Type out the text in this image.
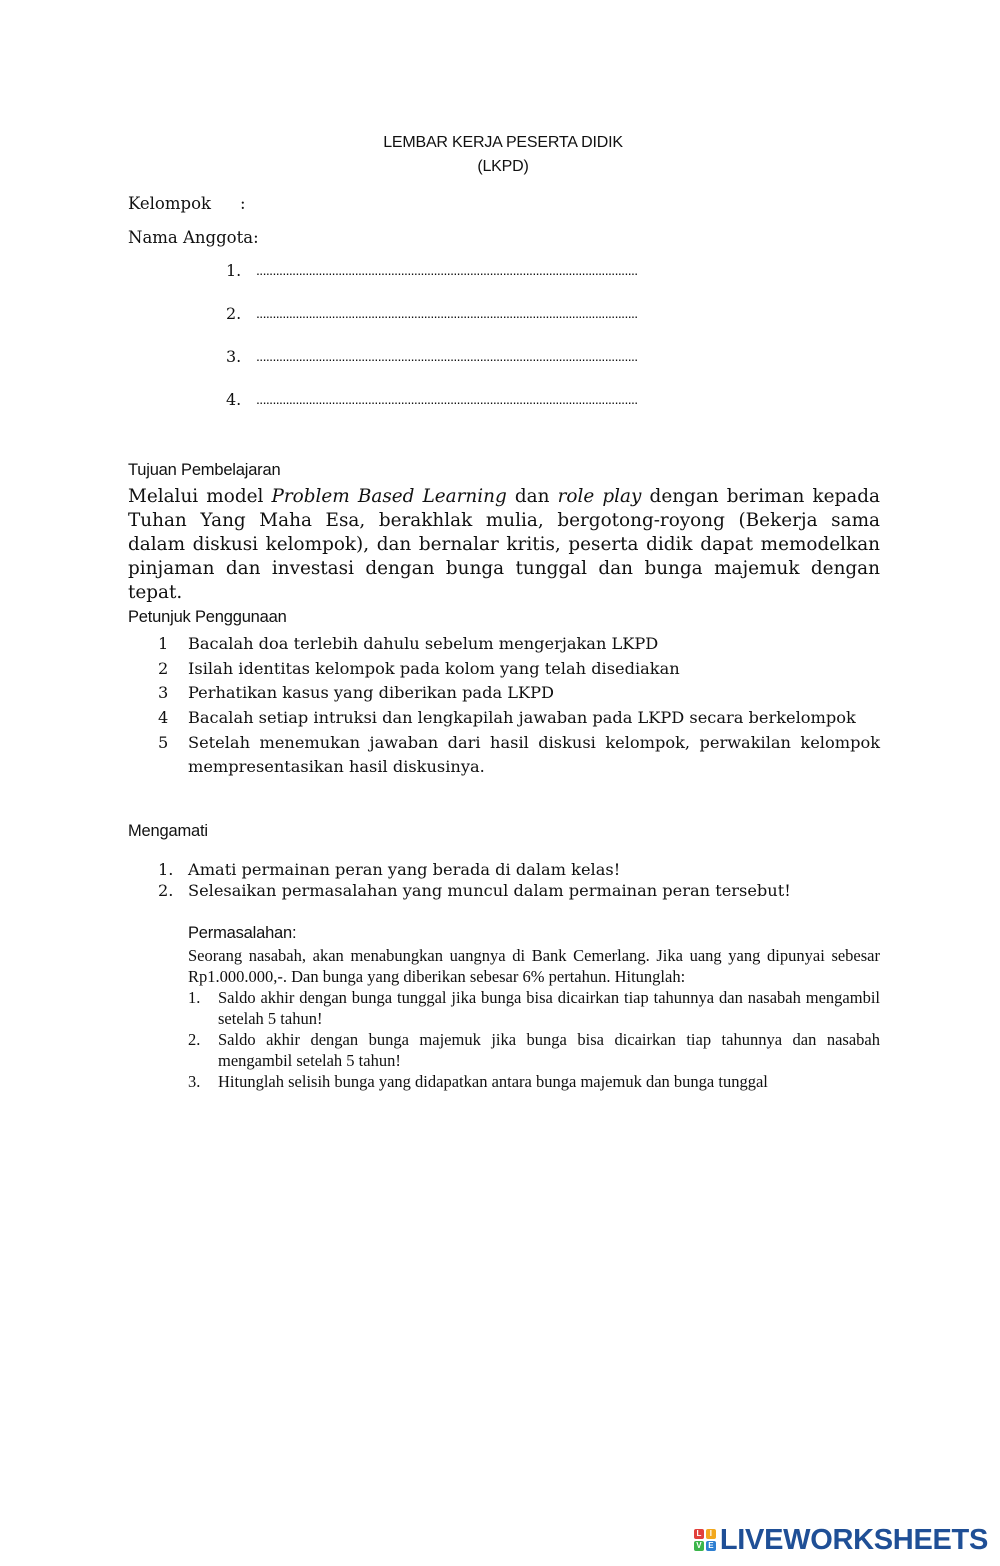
LEMBAR KERJA PESERTA DIDIK
(LKPD)
Kelompok :
Nama Anggota:
1. ....................................................................................................................
2. ....................................................................................................................
3. ....................................................................................................................
4. ....................................................................................................................
Tujuan Pembelajaran
Melalui model Problem Based Learning dan role play dengan beriman kepada Tuhan Yang Maha Esa, berakhlak mulia, bergotong-royong (Bekerja sama dalam diskusi kelompok), dan bernalar kritis, peserta didik dapat memodelkan pinjaman dan investasi dengan bunga tunggal dan bunga majemuk dengan tepat.
Petunjuk Penggunaan
1 Bacalah doa terlebih dahulu sebelum mengerjakan LKPD
2 Isilah identitas kelompok pada kolom yang telah disediakan
3 Perhatikan kasus yang diberikan pada LKPD
4 Bacalah setiap intruksi dan lengkapilah jawaban pada LKPD secara berkelompok
5 Setelah menemukan jawaban dari hasil diskusi kelompok, perwakilan kelompok mempresentasikan hasil diskusinya.
Mengamati
1. Amati permainan peran yang berada di dalam kelas!
2. Selesaikan permasalahan yang muncul dalam permainan peran tersebut!
Permasalahan:
Seorang nasabah, akan menabungkan uangnya di Bank Cemerlang. Jika uang yang dipunyai sebesar Rp1.000.000,-. Dan bunga yang diberikan sebesar 6% pertahun. Hitunglah:
1. Saldo akhir dengan bunga tunggal jika bunga bisa dicairkan tiap tahunnya dan nasabah mengambil setelah 5 tahun!
2. Saldo akhir dengan bunga majemuk jika bunga bisa dicairkan tiap tahunnya dan nasabah mengambil setelah 5 tahun!
3. Hitunglah selisih bunga yang didapatkan antara bunga majemuk dan bunga tunggal
L	I
V E LIVEWORKSHEETS
